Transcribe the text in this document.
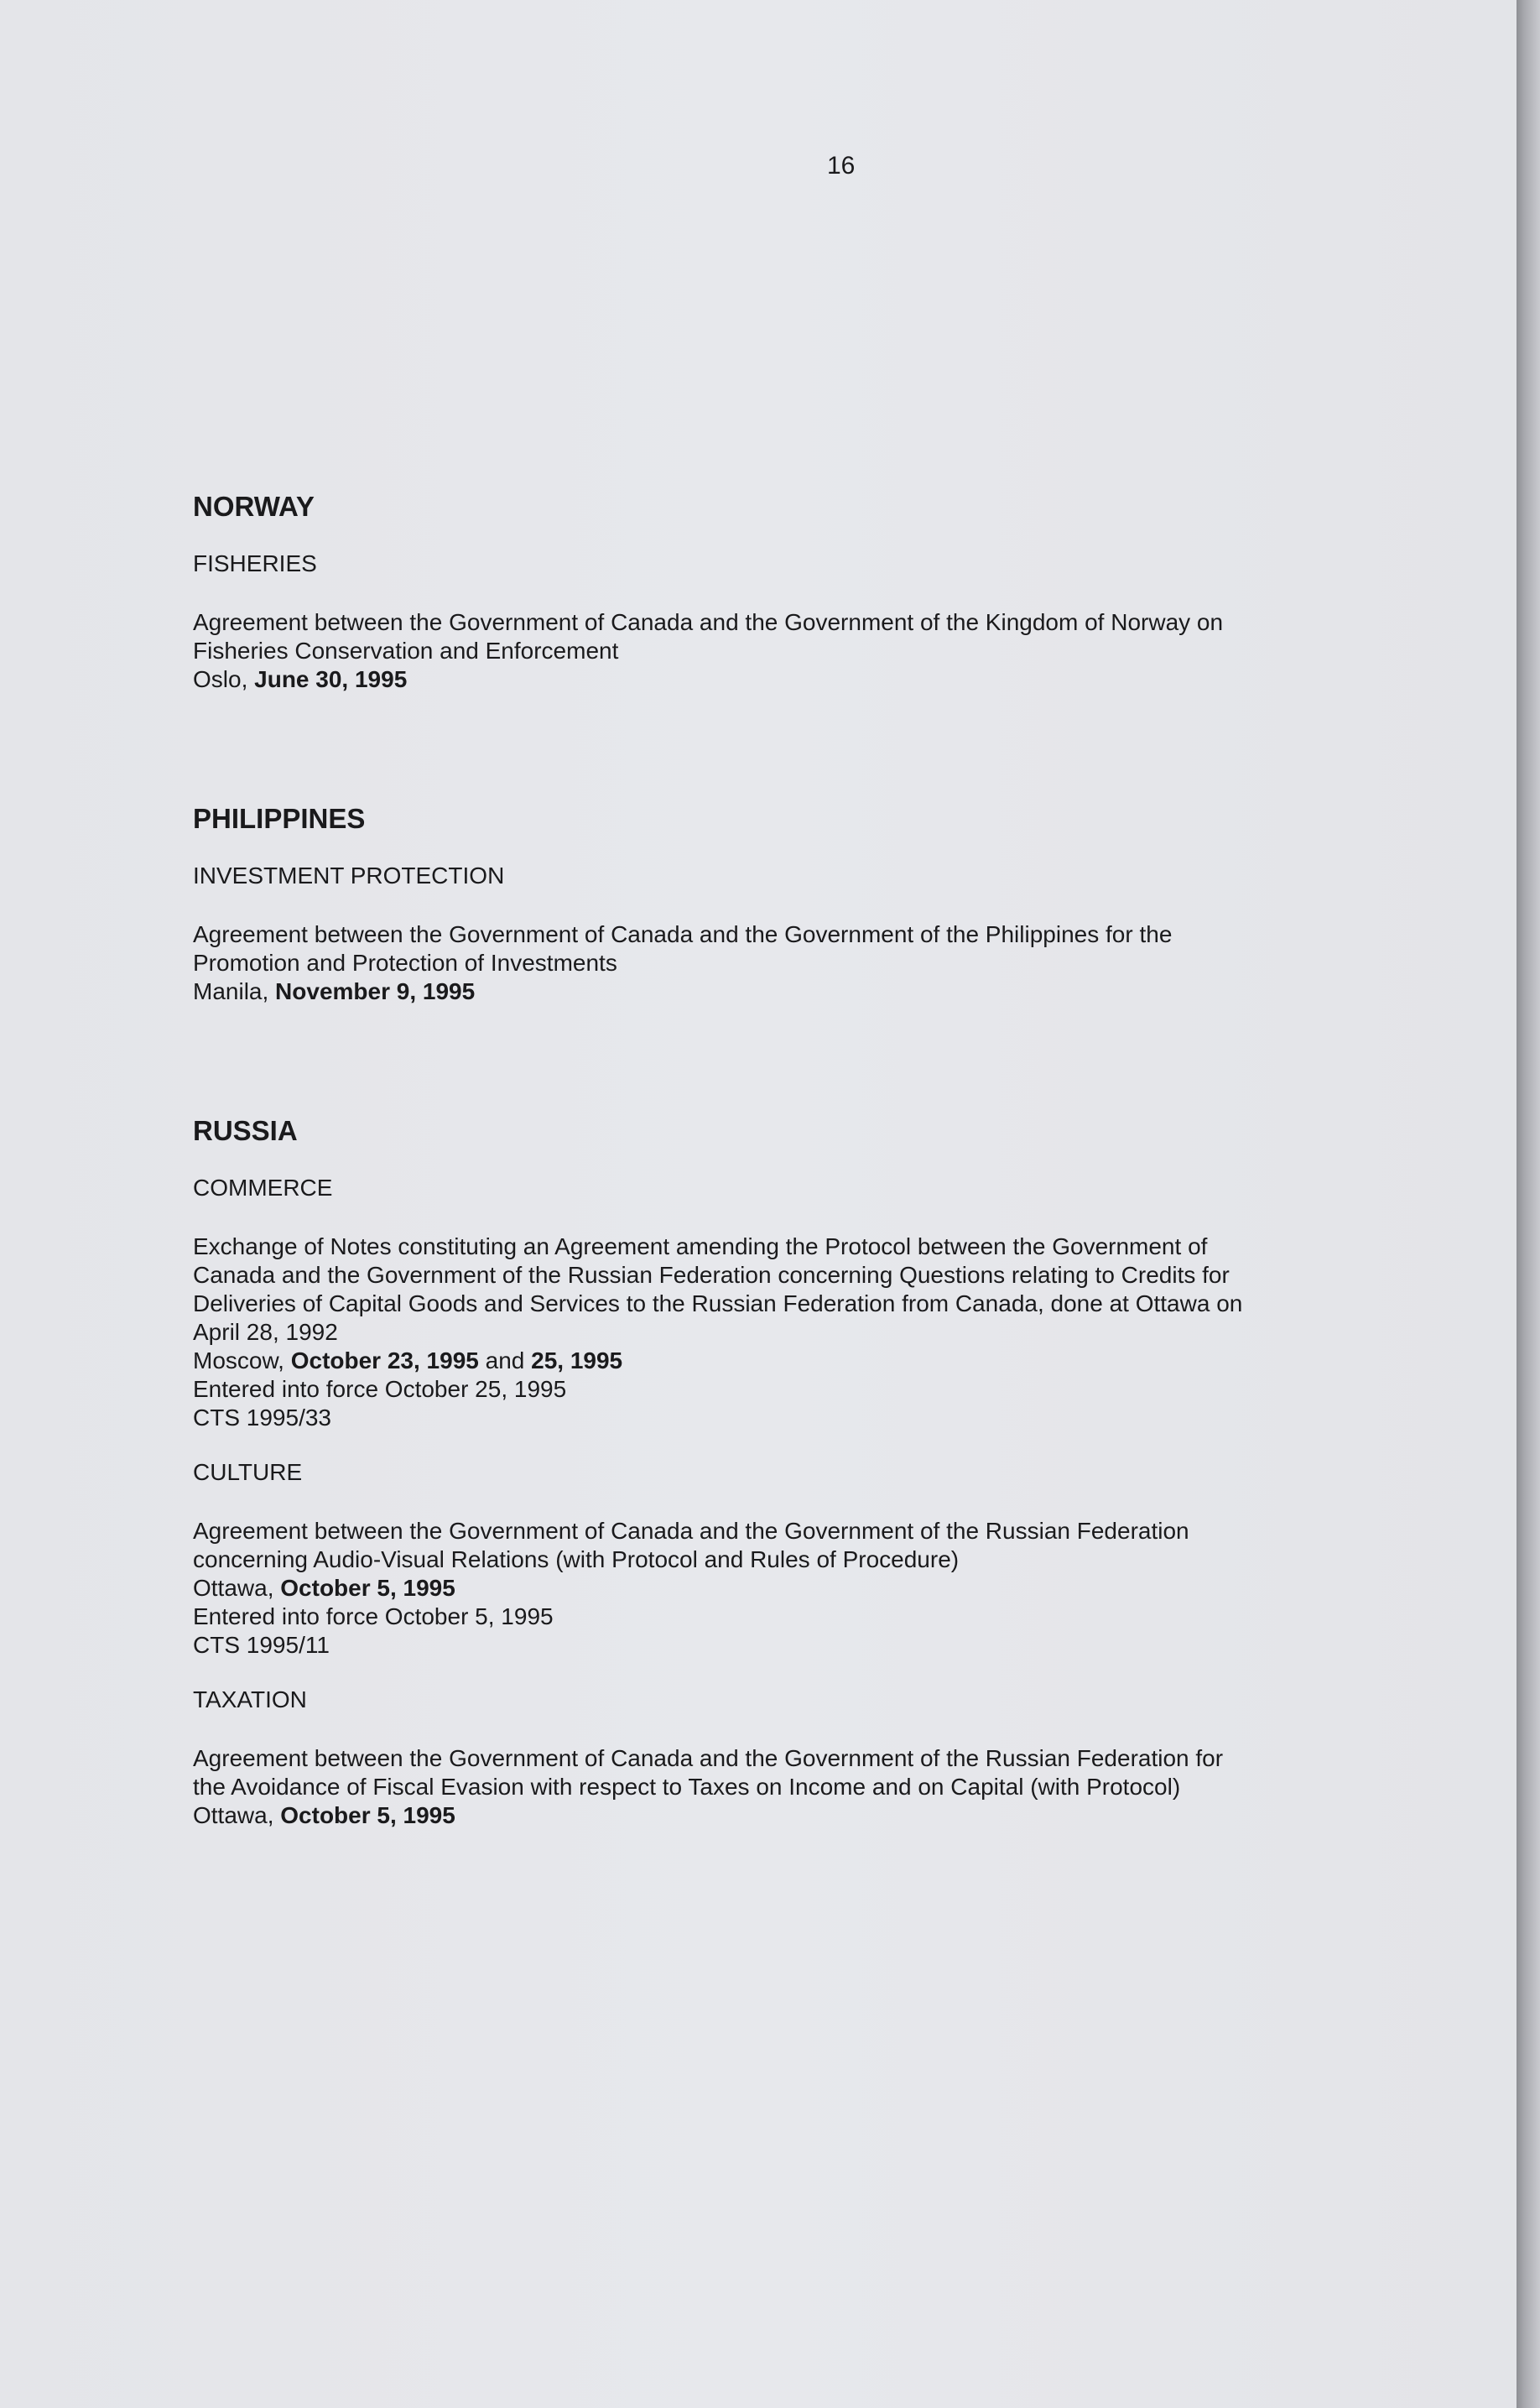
16
NORWAY
FISHERIES
Agreement between the Government of Canada and the Government of the Kingdom of Norway on
Fisheries Conservation and Enforcement
Oslo, June 30, 1995
PHILIPPINES
INVESTMENT PROTECTION
Agreement between the Government of Canada and the Government of the Philippines for the
Promotion and Protection of Investments
Manila, November 9, 1995
RUSSIA
COMMERCE
Exchange of Notes constituting an Agreement amending the Protocol between the Government of
Canada and the Government of the Russian Federation concerning Questions relating to Credits for
Deliveries of Capital Goods and Services to the Russian Federation from Canada, done at Ottawa on
April 28, 1992
Moscow, October 23, 1995 and 25, 1995
Entered into force October 25, 1995
CTS 1995/33
CULTURE
Agreement between the Government of Canada and the Government of the Russian Federation
concerning Audio-Visual Relations (with Protocol and Rules of Procedure)
Ottawa, October 5, 1995
Entered into force October 5, 1995
CTS 1995/11
TAXATION
Agreement between the Government of Canada and the Government of the Russian Federation for
the Avoidance of Fiscal Evasion with respect to Taxes on Income and on Capital (with Protocol)
Ottawa, October 5, 1995
